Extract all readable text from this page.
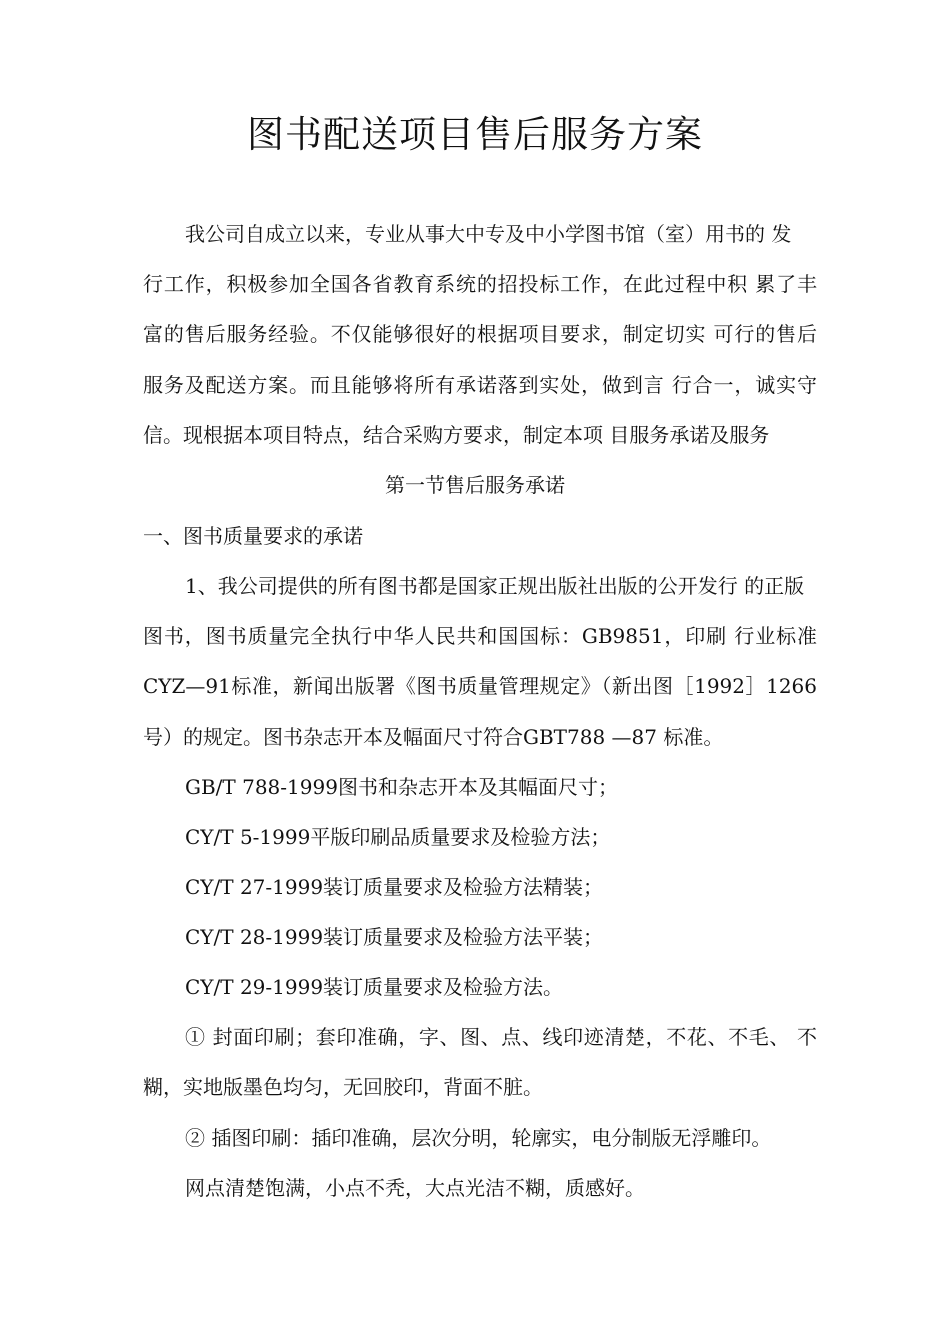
图书配送项目售后服务方案

我公司自成立以来，专业从事大中专及中小学图书馆（室）用书的 发

行工作，积极参加全国各省教育系统的招投标工作，在此过程中积 累了丰

富的售后服务经验。不仅能够很好的根据项目要求，制定切实 可行的售后

服务及配送方案。而且能够将所有承诺落到实处，做到言 行合一，诚实守

信。现根据本项目特点，结合采购方要求，制定本项 目服务承诺及服务

第一节售后服务承诺

一、图书质量要求的承诺

1、我公司提供的所有图书都是国家正规出版社出版的公开发行 的正版

图书，图书质量完全执行中华人民共和国国标：GB9851，印刷 行业标准

CYZ—91标准，新闻出版署《图书质量管理规定》（新出图［1992］1266

号）的规定。图书杂志开本及幅面尺寸符合GBT788 —87 标准。

GB/T 788-1999图书和杂志开本及其幅面尺寸；

CY/T 5-1999平版印刷品质量要求及检验方法；

CY/T 27-1999装订质量要求及检验方法精装；

CY/T 28-1999装订质量要求及检验方法平装；

CY/T 29-1999装订质量要求及检验方法。

① 封面印刷；套印准确，字、图、点、线印迹清楚，不花、不毛、 不

糊，实地版墨色均匀，无回胶印，背面不脏。

② 插图印刷：插印准确，层次分明，轮廓实，电分制版无浮雕印。

网点清楚饱满，小点不秃，大点光洁不糊，质感好。
